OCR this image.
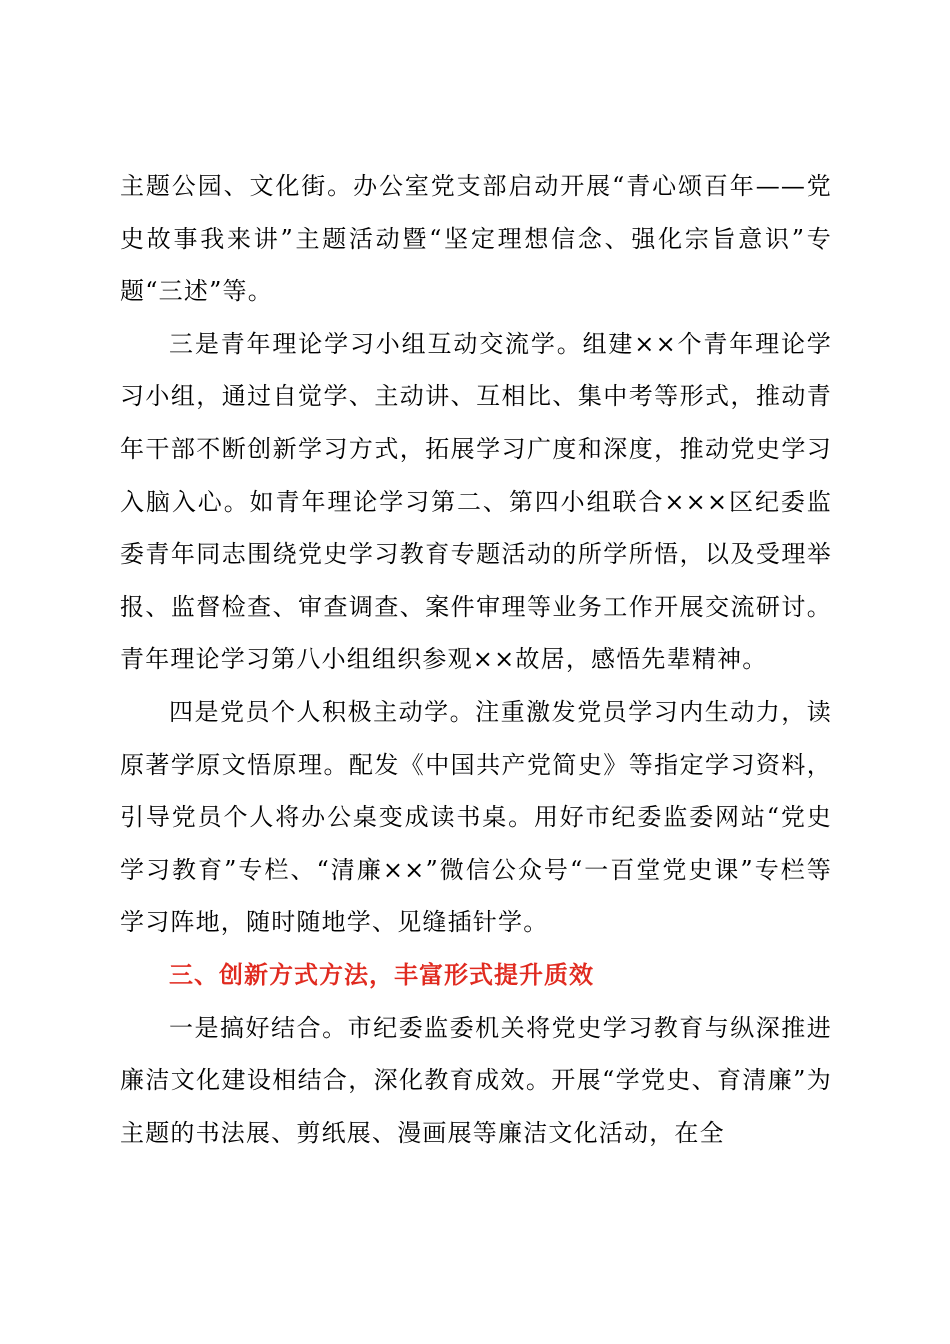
主题公园、文化街。办公室党支部启动开展“青心颂百年——党史故事我来讲”主题活动暨“坚定理想信念、强化宗旨意识”专题“三述”等。

三是青年理论学习小组互动交流学。组建××个青年理论学习小组，通过自觉学、主动讲、互相比、集中考等形式，推动青年干部不断创新学习方式，拓展学习广度和深度，推动党史学习入脑入心。如青年理论学习第二、第四小组联合×××区纪委监委青年同志围绕党史学习教育专题活动的所学所悟，以及受理举报、监督检查、审查调查、案件审理等业务工作开展交流研讨。青年理论学习第八小组组织参观××故居，感悟先辈精神。

四是党员个人积极主动学。注重激发党员学习内生动力，读原著学原文悟原理。配发《中国共产党简史》等指定学习资料，引导党员个人将办公桌变成读书桌。用好市纪委监委网站“党史学习教育”专栏、“清廉××”微信公众号“一百堂党史课”专栏等学习阵地，随时随地学、见缝插针学。

三、创新方式方法，丰富形式提升质效

一是搞好结合。市纪委监委机关将党史学习教育与纵深推进廉洁文化建设相结合，深化教育成效。开展“学党史、育清廉”为主题的书法展、剪纸展、漫画展等廉洁文化活动，在全
